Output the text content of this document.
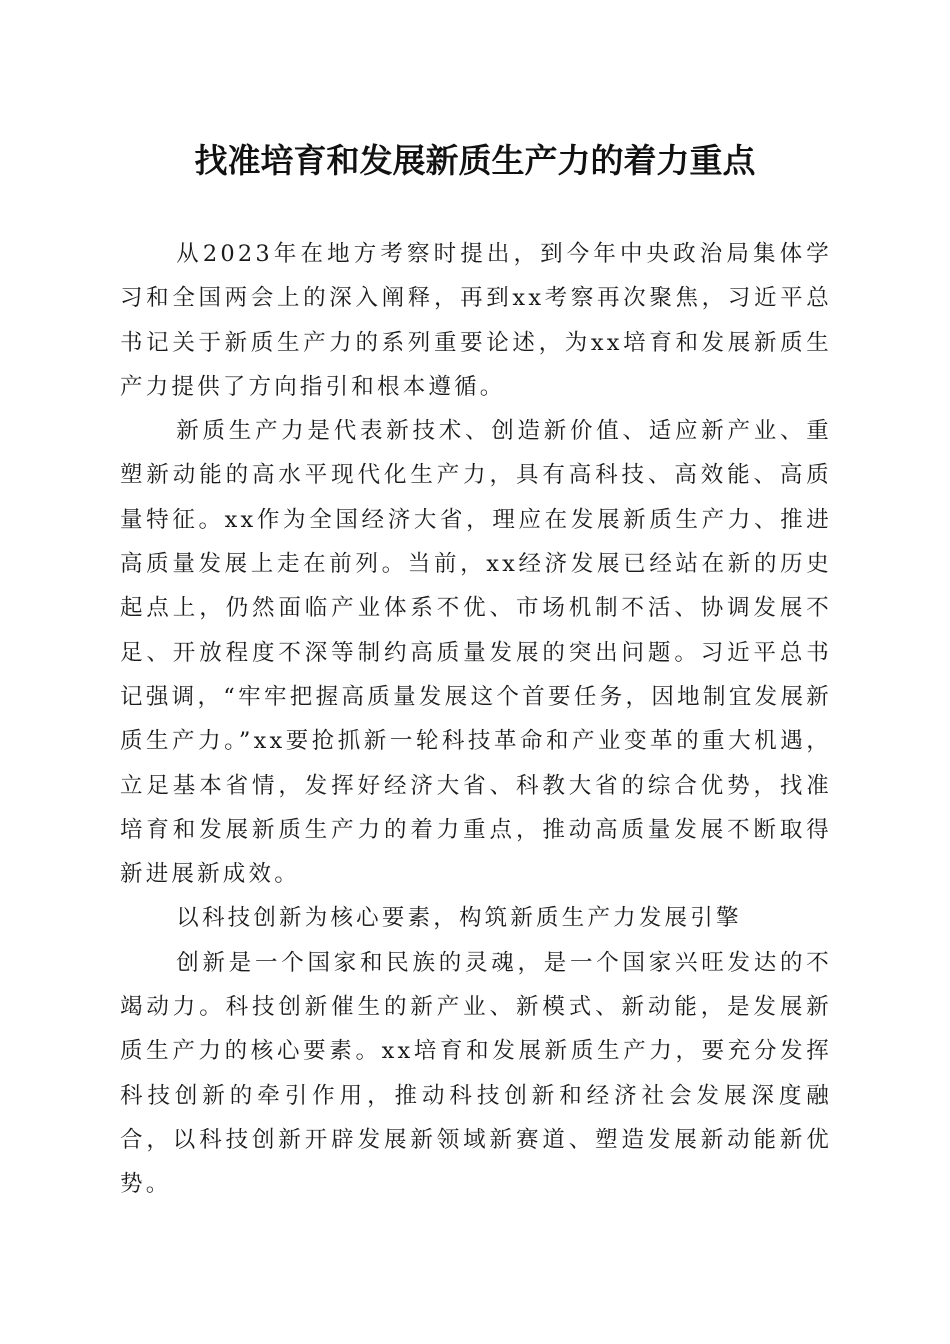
找准培育和发展新质生产力的着力重点

从2023年在地方考察时提出，到今年中央政治局集体学习和全国两会上的深入阐释，再到xx考察再次聚焦，习近平总书记关于新质生产力的系列重要论述，为xx培育和发展新质生产力提供了方向指引和根本遵循。

新质生产力是代表新技术、创造新价值、适应新产业、重塑新动能的高水平现代化生产力，具有高科技、高效能、高质量特征。xx作为全国经济大省，理应在发展新质生产力、推进高质量发展上走在前列。当前，xx经济发展已经站在新的历史起点上，仍然面临产业体系不优、市场机制不活、协调发展不足、开放程度不深等制约高质量发展的突出问题。习近平总书记强调，“牢牢把握高质量发展这个首要任务，因地制宜发展新质生产力。”xx要抢抓新一轮科技革命和产业变革的重大机遇，立足基本省情，发挥好经济大省、科教大省的综合优势，找准培育和发展新质生产力的着力重点，推动高质量发展不断取得新进展新成效。

以科技创新为核心要素，构筑新质生产力发展引擎

创新是一个国家和民族的灵魂，是一个国家兴旺发达的不竭动力。科技创新催生的新产业、新模式、新动能，是发展新质生产力的核心要素。xx培育和发展新质生产力，要充分发挥科技创新的牵引作用，推动科技创新和经济社会发展深度融合，以科技创新开辟发展新领域新赛道、塑造发展新动能新优势。
